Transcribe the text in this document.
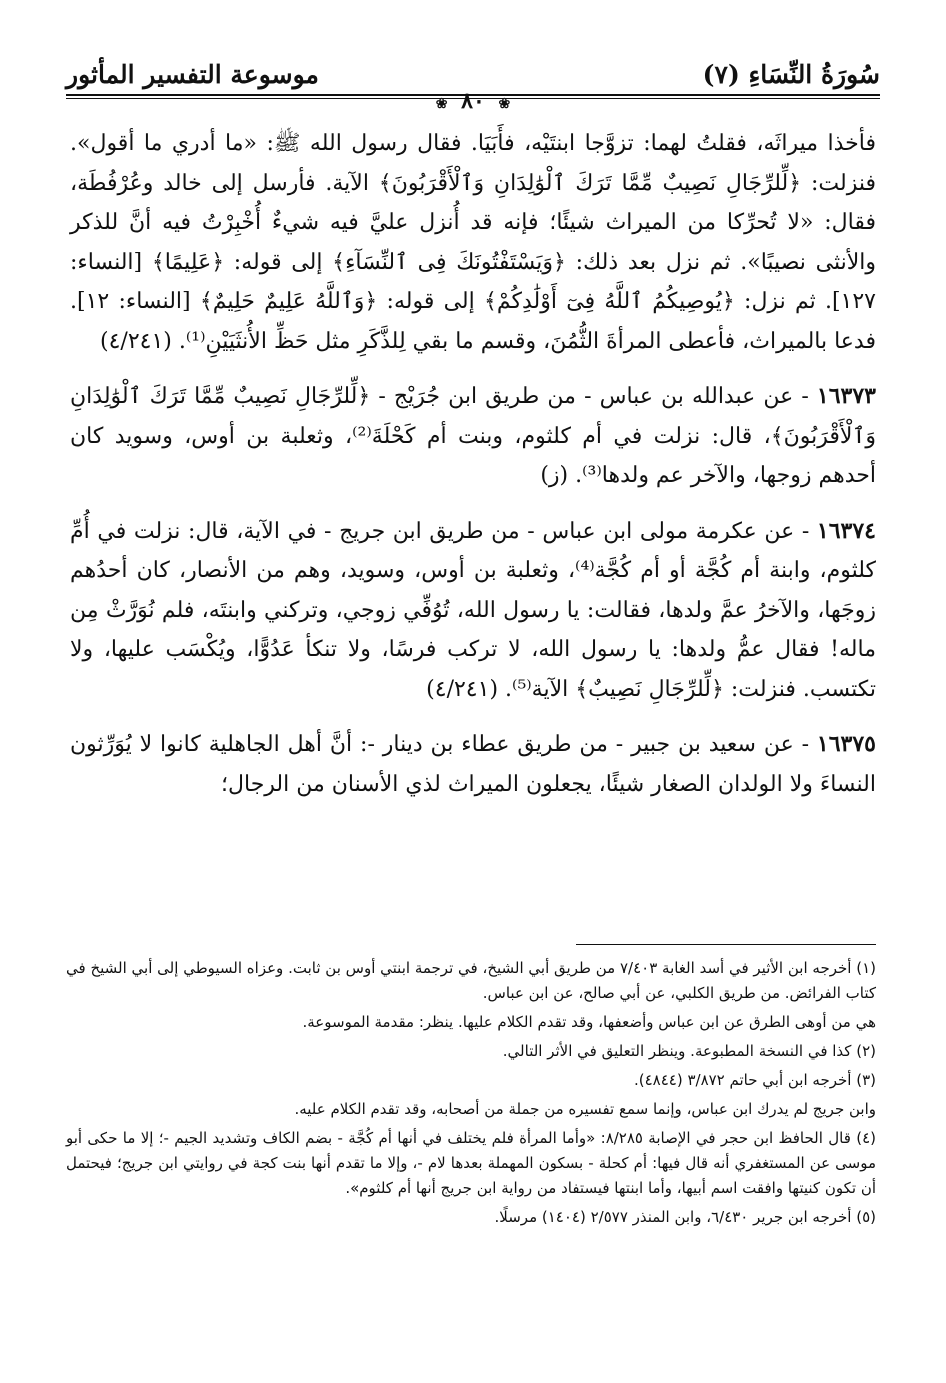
سُورَةُ النِّسَاءِ (٧)
موسوعة التفسير المأثور
❀ ٨٠ ❀

فأخذا ميراثَه، فقلتُ لهما: تزوَّجا ابنتَيْه، فأَبَيَا. فقال رسول الله ﷺ: «ما أدري ما أقول». فنزلت: ﴿لِّلرِّجَالِ نَصِيبٌ مِّمَّا تَرَكَ ٱلْوَٰلِدَانِ وَٱلْأَقْرَبُونَ﴾ الآية. فأرسل إلى خالد وعُرْفُطَة، فقال: «لا تُحرِّكا من الميراث شيئًا؛ فإنه قد أُنزل عليَّ فيه شيءٌ أُخْبِرْتُ فيه أنَّ للذكر والأنثى نصيبًا». ثم نزل بعد ذلك: ﴿وَيَسْتَفْتُونَكَ فِى ٱلنِّسَآءِ﴾ إلى قوله: ﴿عَلِيمًا﴾ [النساء: ١٢٧]. ثم نزل: ﴿يُوصِيكُمُ ٱللَّهُ فِىٓ أَوْلَٰدِكُمْ﴾ إلى قوله: ﴿وَٱللَّهُ عَلِيمٌ حَلِيمٌ﴾ [النساء: ١٢]. فدعا بالميراث، فأعطى المرأةَ الثُّمُنَ، وقسم ما بقي لِلذَّكَرِ مثل حَظِّ الأُنثَيَيْنِ⁽¹⁾. (٤/٢٤١)

١٦٣٧٣ - عن عبدالله بن عباس - من طريق ابن جُرَيْج - ﴿لِّلرِّجَالِ نَصِيبٌ مِّمَّا تَرَكَ ٱلْوَٰلِدَانِ وَٱلْأَقْرَبُونَ﴾، قال: نزلت في أم كلثوم، وبنت أم كَحْلَةَ⁽²⁾، وثعلبة بن أوس، وسويد كان أحدهم زوجها، والآخر عم ولدها⁽³⁾. (ز)

١٦٣٧٤ - عن عكرمة مولى ابن عباس - من طريق ابن جريج - في الآية، قال: نزلت في أُمِّ كلثوم، وابنة أم كُجَّة أو أم كُجَّة⁽⁴⁾، وثعلبة بن أوس، وسويد، وهم من الأنصار، كان أحدُهم زوجَها، والآخرُ عمَّ ولدها، فقالت: يا رسول الله، تُوُفِّي زوجي، وتركني وابنتَه، فلم نُوَرَّثْ مِن ماله! فقال عمُّ ولدها: يا رسول الله، لا تركب فرسًا، ولا تنكأ عَدُوًّا، ويُكْسَب عليها، ولا تكتسب. فنزلت: ﴿لِّلرِّجَالِ نَصِيبٌ﴾ الآية⁽⁵⁾. (٤/٢٤١)

١٦٣٧٥ - عن سعيد بن جبير - من طريق عطاء بن دينار -: أنَّ أهل الجاهلية كانوا لا يُوَرِّثون النساءَ ولا الولدان الصغار شيئًا، يجعلون الميراث لذي الأسنان من الرجال؛

(١) أخرجه ابن الأثير في أسد الغابة ٧/٤٠٣ من طريق أبي الشيخ، في ترجمة ابنتي أوس بن ثابت. وعزاه السيوطي إلى أبي الشيخ في كتاب الفرائض. من طريق الكلبي، عن أبي صالح، عن ابن عباس.

هي من أوهى الطرق عن ابن عباس وأضعفها، وقد تقدم الكلام عليها. ينظر: مقدمة الموسوعة.

(٢) كذا في النسخة المطبوعة. وينظر التعليق في الأثر التالي.

(٣) أخرجه ابن أبي حاتم ٣/٨٧٢ (٤٨٤٤).

وابن جريج لم يدرك ابن عباس، وإنما سمع تفسيره من جملة من أصحابه، وقد تقدم الكلام عليه.

(٤) قال الحافظ ابن حجر في الإصابة ٨/٢٨٥: «وأما المرأة فلم يختلف في أنها أم كُجَّة - بضم الكاف وتشديد الجيم -؛ إلا ما حكى أبو موسى عن المستغفري أنه قال فيها: أم كحلة - بسكون المهملة بعدها لام -، وإلا ما تقدم أنها بنت كجة في روايتي ابن جريج؛ فيحتمل أن تكون كنيتها وافقت اسم أبيها، وأما ابنتها فيستفاد من رواية ابن جريج أنها أم كلثوم».

(٥) أخرجه ابن جرير ٦/٤٣٠، وابن المنذر ٢/٥٧٧ (١٤٠٤) مرسلًا.
